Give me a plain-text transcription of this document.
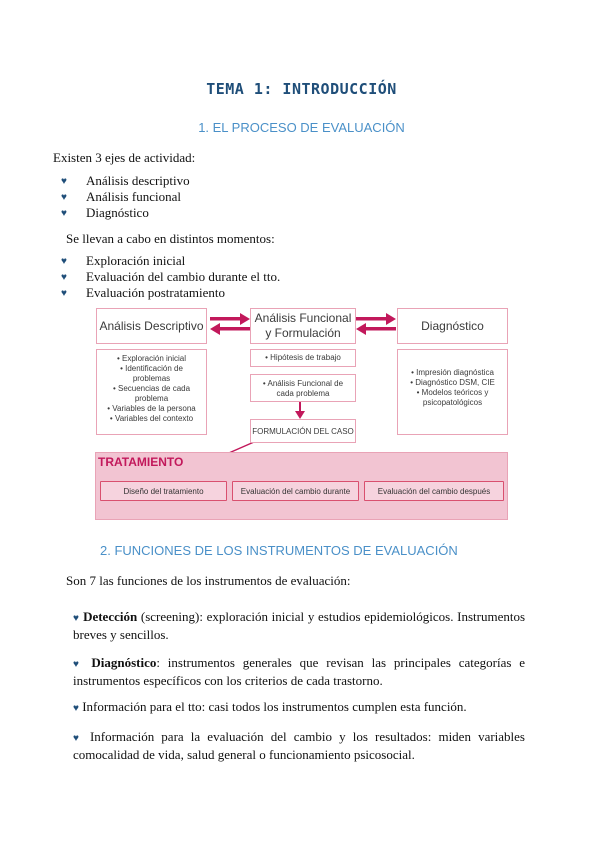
TEMA 1: INTRODUCCIÓN
1. EL PROCESO DE EVALUACIÓN
Existen 3 ejes de actividad:
♥ Análisis descriptivo
♥ Análisis funcional
♥ Diagnóstico
Se llevan a cabo en distintos momentos:
♥ Exploración inicial
♥ Evaluación del cambio durante el tto.
♥ Evaluación postratamiento
Análisis Descriptivo
Análisis Funcional y Formulación
Diagnóstico
• Exploración inicial
• Identificación de problemas
• Secuencias de cada problema
• Variables de la persona
• Variables del contexto
• Hipótesis de trabajo
• Análisis Funcional de cada problema
FORMULACIÓN DEL CASO
• Impresión diagnóstica
• Diagnóstico DSM, CIE
• Modelos teóricos y psicopatológicos
TRATAMIENTO
Diseño del tratamiento	Evaluación del cambio durante	Evaluación del cambio después
2. FUNCIONES DE LOS INSTRUMENTOS DE EVALUACIÓN
Son 7 las funciones de los instrumentos de evaluación:
♥ Detección (screening): exploración inicial y estudios epidemiológicos. Instrumentos breves y sencillos.
♥ Diagnóstico: instrumentos generales que revisan las principales categorías e instrumentos específicos con los criterios de cada trastorno.
♥ Información para el tto: casi todos los instrumentos cumplen esta función.
♥ Información para la evaluación del cambio y los resultados: miden variables comocalidad de vida, salud general o funcionamiento psicosocial.
